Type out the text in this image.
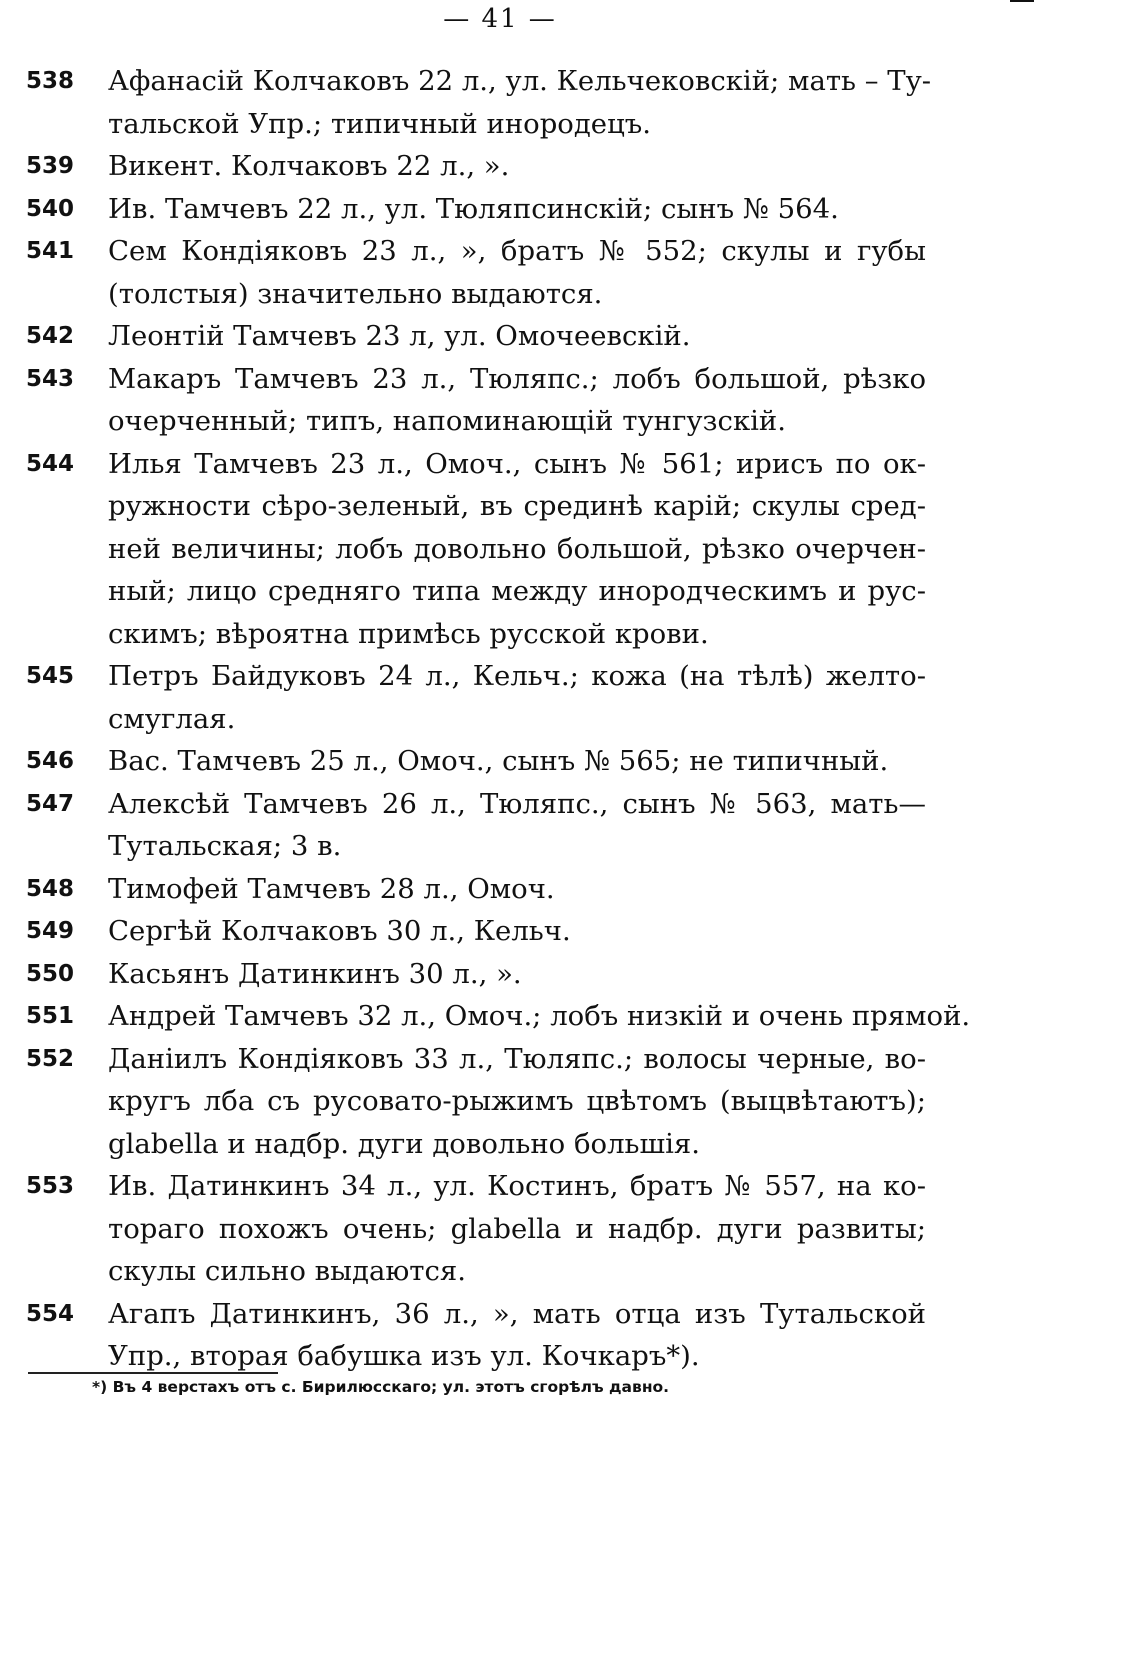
— 41 —
538	Афанасій Колчаковъ 22 л., ул. Кельчековскій; мать – Ту-
тальской Упр.; типичный инородецъ.
539	Викент. Колчаковъ 22 л., ».
540	Ив. Тамчевъ 22 л., ул. Тюляпсинскій; сынъ № 564.
541	Сем Кондіяковъ 23 л., », братъ № 552; скулы и губы
(толстыя) значительно выдаются.
542	Леонтій Тамчевъ 23 л, ул. Омочеевскій.
543	Макаръ Тамчевъ 23 л., Тюляпс.; лобъ большой, рѣзко
очерченный; типъ, напоминающій тунгузскій.
544	Илья Тамчевъ 23 л., Омоч., сынъ № 561; ирисъ по ок-
ружности сѣро-зеленый, въ срединѣ карій; скулы сред-
ней величины; лобъ довольно большой, рѣзко очерчен-
ный; лицо средняго типа между инородческимъ и рус-
скимъ; вѣроятна примѣсь русской крови.
545	Петръ Байдуковъ 24 л., Кельч.; кожа (на тѣлѣ) желто-
смуглая.
546	Вас. Тамчевъ 25 л., Омоч., сынъ № 565; не типичный.
547	Алексѣй Тамчевъ 26 л., Тюляпс., сынъ № 563, мать—
Тутальская; 3 в.
548	Тимофей Тамчевъ 28 л., Омоч.
549	Сергѣй Колчаковъ 30 л., Кельч.
550	Касьянъ Датинкинъ 30 л., ».
551	Андрей Тамчевъ 32 л., Омоч.; лобъ низкій и очень прямой.
552	Даніилъ Кондіяковъ 33 л., Тюляпс.; волосы черные, во-
кругъ лба съ русовато-рыжимъ цвѣтомъ (выцвѣтаютъ);
glabella и надбр. дуги довольно большія.
553	Ив. Датинкинъ 34 л., ул. Костинъ, братъ № 557, на ко-
тораго похожъ очень; glabella и надбр. дуги развиты;
скулы сильно выдаются.
554	Агапъ Датинкинъ, 36 л., », мать отца изъ Тутальской
Упр., вторая бабушка изъ ул. Кочкаръ*).
*) Въ 4 верстахъ отъ с. Бирилюсскаго; ул. этотъ сгорѣлъ давно.
